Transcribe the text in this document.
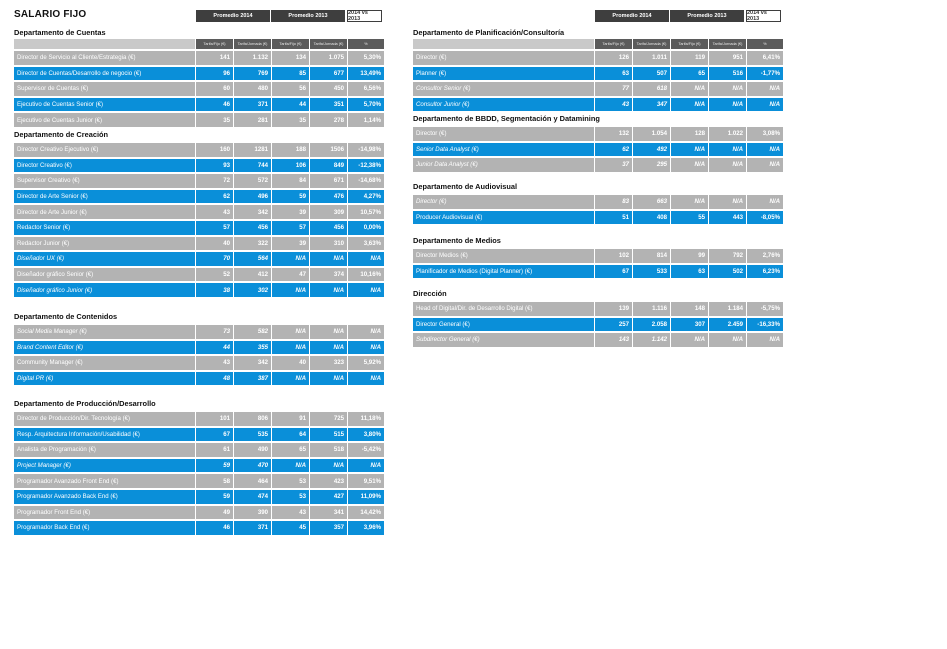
SALARIO FIJO	Promedio 2014	Promedio 2013	2014 vs 2013
Departamento de Cuentas
Tarifa/Fijo (€)	Tarifa/Jornada (€)	Tarifa/Fijo (€)	Tarifa/Jornada (€)	%
Director de Servicio al Cliente/Estrategia (€)	141	1.132	134	1.075	5,30%
Director de Cuentas/Desarrollo de negocio (€)	96	769	85	677	13,49%
Supervisor de Cuentas (€)	60	480	56	450	6,56%
Ejecutivo de Cuentas Senior (€)	46	371	44	351	5,70%
Ejecutivo de Cuentas Junior (€)	35	281	35	278	1,14%
Departamento de Creación
Director Creativo Ejecutivo (€)	160	1281	188	1506	-14,98%
Director Creativo (€)	93	744	106	849	-12,38%
Supervisor Creativo (€)	72	572	84	671	-14,68%
Director de Arte Senior (€)	62	496	59	476	4,27%
Director de Arte Junior (€)	43	342	39	309	10,57%
Redactor Senior (€)	57	456	57	456	0,00%
Redactor Junior (€)	40	322	39	310	3,63%
Diseñador UX (€)	70	564	N/A	N/A	N/A
Diseñador gráfico Senior (€)	52	412	47	374	10,16%
Diseñador gráfico Junior (€)	38	302	N/A	N/A	N/A
Departamento de Contenidos
Social Media Manager (€)	73	582	N/A	N/A	N/A
Brand Content Editor (€)	44	355	N/A	N/A	N/A
Community Manager (€)	43	342	40	323	5,92%
Digital PR (€)	48	387	N/A	N/A	N/A
Departamento de Producción/Desarrollo
Director de Producción/Dir. Tecnología (€)	101	806	91	725	11,18%
Resp. Arquitectura Información/Usabilidad (€)	67	535	64	515	3,80%
Analista de Programación (€)	61	490	65	518	-5,42%
Project Manager (€)	59	470	N/A	N/A	N/A
Programador Avanzado Front End (€)	58	464	53	423	9,51%
Programador Avanzado Back End (€)	59	474	53	427	11,09%
Programador Front End (€)	49	390	43	341	14,42%
Programador Back End (€)	46	371	45	357	3,96%
Promedio 2014	Promedio 2013	2014 vs 2013
Departamento de Planificación/Consultoría
Tarifa/Fijo (€)	Tarifa/Jornada (€)	Tarifa/Fijo (€)	Tarifa/Jornada (€)	%
Director (€)	126	1.011	119	951	6,41%
Planner (€)	63	507	65	516	-1,77%
Consultor Senior (€)	77	618	N/A	N/A	N/A
Consultor Junior (€)	43	347	N/A	N/A	N/A
Departamento de BBDD, Segmentación y Datamining
Director (€)	132	1.054	128	1.022	3,08%
Senior Data Analyst (€)	62	492	N/A	N/A	N/A
Junior Data Analyst (€)	37	295	N/A	N/A	N/A
Departamento de Audiovisual
Director (€)	83	663	N/A	N/A	N/A
Producer Audiovisual (€)	51	408	55	443	-8,05%
Departamento de Medios
Director Medios (€)	102	814	99	792	2,76%
Planificador de Medios (Digital Planner) (€)	67	533	63	502	6,23%
Dirección
Head of Digital/Dir. de Desarrollo Digital (€)	139	1.116	148	1.184	-5,75%
Director General (€)	257	2.058	307	2.459	-16,33%
Subdirector General (€)	143	1.142	N/A	N/A	N/A
